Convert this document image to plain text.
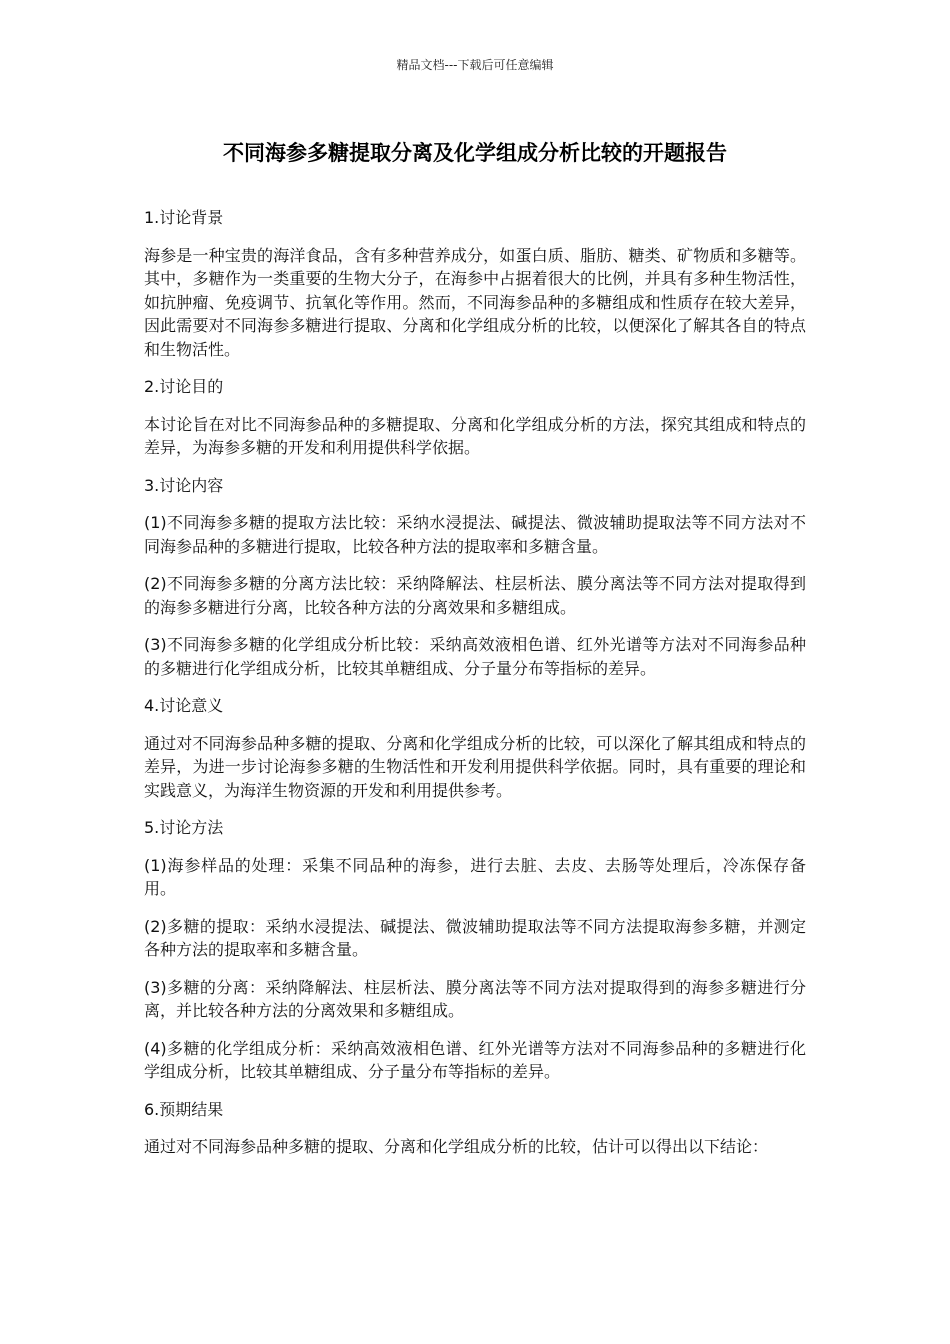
精品文档---下载后可任意编辑
不同海参多糖提取分离及化学组成分析比较的开题报告

1.讨论背景

海参是一种宝贵的海洋食品，含有多种营养成分，如蛋白质、脂肪、糖类、矿物质和多糖等。其中，多糖作为一类重要的生物大分子，在海参中占据着很大的比例，并具有多种生物活性，如抗肿瘤、免疫调节、抗氧化等作用。然而，不同海参品种的多糖组成和性质存在较大差异，因此需要对不同海参多糖进行提取、分离和化学组成分析的比较，以便深化了解其各自的特点和生物活性。

2.讨论目的

本讨论旨在对比不同海参品种的多糖提取、分离和化学组成分析的方法，探究其组成和特点的差异，为海参多糖的开发和利用提供科学依据。

3.讨论内容

(1)不同海参多糖的提取方法比较：采纳水浸提法、碱提法、微波辅助提取法等不同方法对不同海参品种的多糖进行提取，比较各种方法的提取率和多糖含量。

(2)不同海参多糖的分离方法比较：采纳降解法、柱层析法、膜分离法等不同方法对提取得到的海参多糖进行分离，比较各种方法的分离效果和多糖组成。

(3)不同海参多糖的化学组成分析比较：采纳高效液相色谱、红外光谱等方法对不同海参品种的多糖进行化学组成分析，比较其单糖组成、分子量分布等指标的差异。

4.讨论意义

通过对不同海参品种多糖的提取、分离和化学组成分析的比较，可以深化了解其组成和特点的差异，为进一步讨论海参多糖的生物活性和开发利用提供科学依据。同时，具有重要的理论和实践意义，为海洋生物资源的开发和利用提供参考。

5.讨论方法

(1)海参样品的处理：采集不同品种的海参，进行去脏、去皮、去肠等处理后，冷冻保存备用。

(2)多糖的提取：采纳水浸提法、碱提法、微波辅助提取法等不同方法提取海参多糖，并测定各种方法的提取率和多糖含量。

(3)多糖的分离：采纳降解法、柱层析法、膜分离法等不同方法对提取得到的海参多糖进行分离，并比较各种方法的分离效果和多糖组成。

(4)多糖的化学组成分析：采纳高效液相色谱、红外光谱等方法对不同海参品种的多糖进行化学组成分析，比较其单糖组成、分子量分布等指标的差异。

6.预期结果

通过对不同海参品种多糖的提取、分离和化学组成分析的比较，估计可以得出以下结论：
